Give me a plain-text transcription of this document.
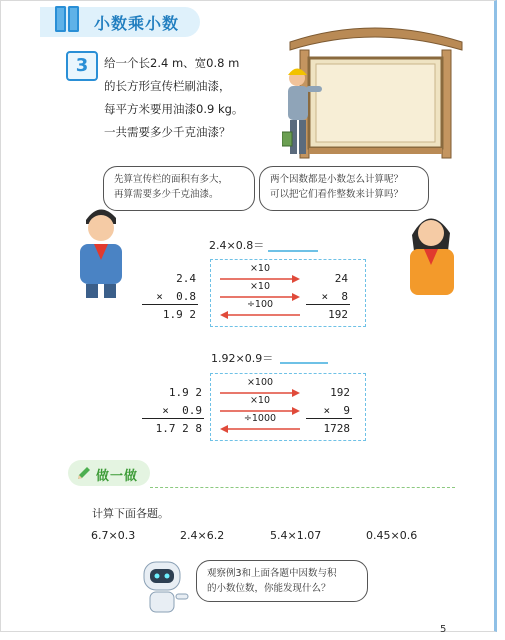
小数乘小数
3	给一个长2.4 m、宽0.8 m
的长方形宣传栏刷油漆，
每平方米要用油漆0.9 kg。
一共需要多少千克油漆？
先算宣传栏的面积有多大，
再算需要多少千克油漆。
两个因数都是小数怎么计算呢？
可以把它们看作整数来计算吗？
2.4×0.8＝
2.4
×  0.8
1.9 2
24
×  8
192
×10
×10
÷100
1.92×0.9＝
1.9 2
×  0.9
1.7 2 8
192
×  9
1728
×100
×10
÷1000
做一做
计算下面各题。
6.7×0.3	2.4×6.2	5.4×1.07	0.45×0.6
观察例3和上面各题中因数与积
的小数位数，你能发现什么？
5
